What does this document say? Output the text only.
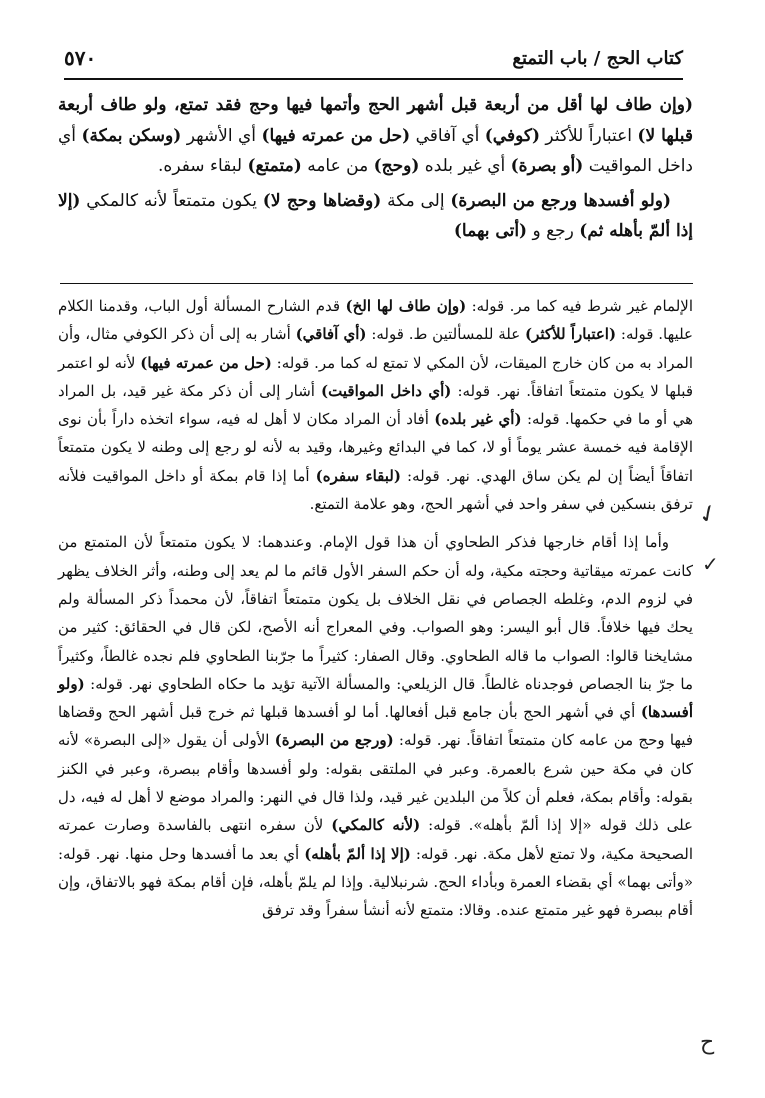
كتاب الحج / باب التمتع
٥٧٠

(وإن طاف لها أقل من أربعة قبل أشهر الحج وأتمها فيها وحج فقد تمتع، ولو طاف أربعة قبلها لا) اعتباراً للأكثر (كوفي) أي آفاقي (حل من عمرته فيها) أي الأشهر (وسكن بمكة) أي داخل المواقيت (أو بصرة) أي غير بلده (وحج) من عامه (متمتع) لبقاء سفره.

(ولو أفسدها ورجع من البصرة) إلى مكة (وقضاها وحج لا) يكون متمتعاً لأنه كالمكي (إلا إذا ألمّ بأهله ثم) رجع و (أتى بهما)

الإلمام غير شرط فيه كما مر. قوله: (وإن طاف لها الخ) قدم الشارح المسألة أول الباب، وقدمنا الكلام عليها. قوله: (اعتباراً للأكثر) علة للمسألتين ط. قوله: (أي آفاقي) أشار به إلى أن ذكر الكوفي مثال، وأن المراد به من كان خارج الميقات، لأن المكي لا تمتع له كما مر. قوله: (حل من عمرته فيها) لأنه لو اعتمر قبلها لا يكون متمتعاً اتفاقاً. نهر. قوله: (أي داخل المواقيت) أشار إلى أن ذكر مكة غير قيد، بل المراد هي أو ما في حكمها. قوله: (أي غير بلده) أفاد أن المراد مكان لا أهل له فيه، سواء اتخذه داراً بأن نوى الإقامة فيه خمسة عشر يوماً أو لا، كما في البدائع وغيرها، وقيد به لأنه لو رجع إلى وطنه لا يكون متمتعاً اتفاقاً أيضاً إن لم يكن ساق الهدي. نهر. قوله: (لبقاء سفره) أما إذا قام بمكة أو داخل المواقيت فلأنه ترفق بنسكين في سفر واحد في أشهر الحج، وهو علامة التمتع.

وأما إذا أقام خارجها فذكر الطحاوي أن هذا قول الإمام. وعندهما: لا يكون متمتعاً لأن المتمتع من كانت عمرته ميقاتية وحجته مكية، وله أن حكم السفر الأول قائم ما لم يعد إلى وطنه، وأثر الخلاف يظهر في لزوم الدم، وغلطه الجصاص في نقل الخلاف بل يكون متمتعاً اتفاقاً، لأن محمداً ذكر المسألة ولم يحك فيها خلافاً. قال أبو اليسر: وهو الصواب. وفي المعراج أنه الأصح، لكن قال في الحقائق: كثير من مشايخنا قالوا: الصواب ما قاله الطحاوي. وقال الصفار: كثيراً ما جرّبنا الطحاوي فلم نجده غالطاً، وكثيراً ما جرّ بنا الجصاص فوجدناه غالطاً. قال الزيلعي: والمسألة الآتية تؤيد ما حكاه الطحاوي نهر. قوله: (ولو أفسدها) أي في أشهر الحج بأن جامع قبل أفعالها. أما لو أفسدها قبلها ثم خرج قبل أشهر الحج وقضاها فيها وحج من عامه كان متمتعاً اتفاقاً. نهر. قوله: (ورجع من البصرة) الأولى أن يقول «إلى البصرة» لأنه كان في مكة حين شرع بالعمرة. وعبر في الملتقى بقوله: ولو أفسدها وأقام ببصرة، وعبر في الكنز بقوله: وأقام بمكة، فعلم أن كلاً من البلدين غير قيد، ولذا قال في النهر: والمراد موضع لا أهل له فيه، دل على ذلك قوله «إلا إذا ألمّ بأهله». قوله: (لأنه كالمكي) لأن سفره انتهى بالفاسدة وصارت عمرته الصحيحة مكية، ولا تمتع لأهل مكة. نهر. قوله: (إلا إذا ألمّ بأهله) أي بعد ما أفسدها وحل منها. نهر. قوله: «وأتى بهما» أي بقضاء العمرة وبأداء الحج. شرنبلالية. وإذا لم يلمّ بأهله، فإن أقام بمكة فهو بالاتفاق، وإن أقام ببصرة فهو غير متمتع عنده. وقالا: متمتع لأنه أنشأ سفراً وقد ترفق

✓
✓
ح
